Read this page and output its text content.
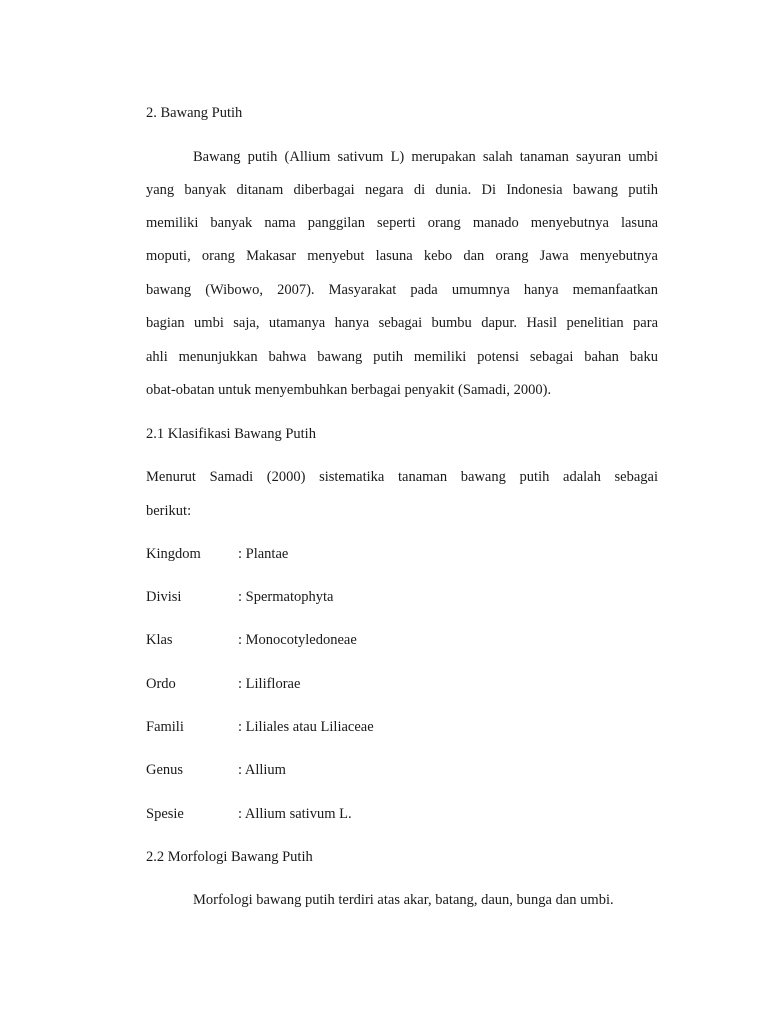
2. Bawang Putih
Bawang putih (Allium sativum L) merupakan salah tanaman sayuran umbi
yang banyak ditanam diberbagai negara di dunia. Di Indonesia bawang putih
memiliki banyak nama panggilan seperti orang manado menyebutnya lasuna
moputi, orang Makasar menyebut lasuna kebo dan orang Jawa menyebutnya
bawang (Wibowo, 2007). Masyarakat pada umumnya hanya memanfaatkan
bagian umbi saja, utamanya hanya sebagai bumbu dapur. Hasil penelitian para
ahli menunjukkan bahwa bawang putih memiliki potensi sebagai bahan baku
obat-obatan untuk menyembuhkan berbagai penyakit (Samadi, 2000).
2.1 Klasifikasi Bawang Putih
Menurut Samadi (2000) sistematika tanaman bawang putih adalah sebagai
berikut:
Kingdom	: Plantae
Divisi	: Spermatophyta
Klas	: Monocotyledoneae
Ordo	: Liliflorae
Famili	: Liliales atau Liliaceae
Genus	: Allium
Spesie	: Allium sativum L.
2.2 Morfologi Bawang Putih
Morfologi bawang putih terdiri atas akar, batang, daun, bunga dan umbi.
